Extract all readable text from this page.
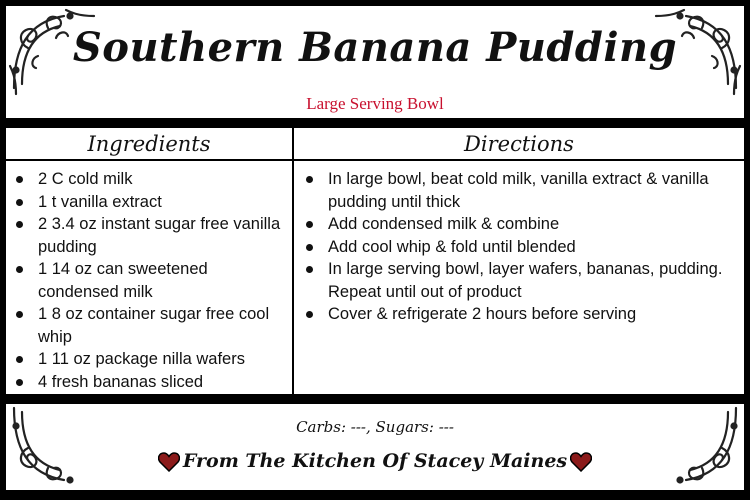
Southern Banana Pudding
Large Serving Bowl
Ingredients	Directions
2 C cold milk
1 t vanilla extract
2 3.4 oz instant sugar free vanilla pudding
1 14 oz can sweetened condensed milk
1 8 oz container sugar free cool whip
1 11 oz package nilla wafers
4 fresh bananas sliced
In large bowl, beat cold milk, vanilla extract & vanilla pudding until thick
Add condensed milk & combine
Add cool whip & fold until blended
In large serving bowl, layer wafers, bananas, pudding. Repeat until out of product
Cover & refrigerate 2 hours before serving
Carbs: ---, Sugars: ---
From The Kitchen Of Stacey Maines
